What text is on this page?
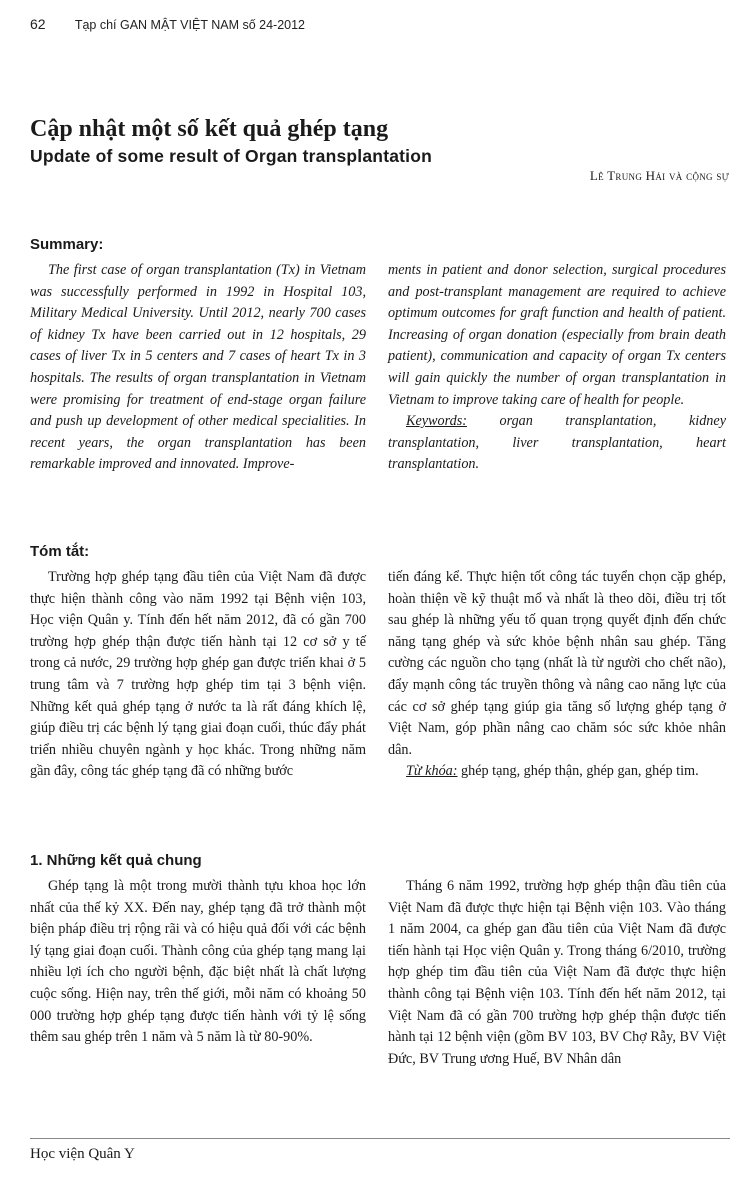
62 Tạp chí GAN MẬT VIỆT NAM số 24-2012
Cập nhật một số kết quả ghép tạng
Update of some result of Organ transplantation
Lê Trung Hải và cộng sự
Summary:

The first case of organ transplantation (Tx) in Vietnam was successfully performed in 1992 in Hospital 103, Military Medical University. Until 2012, nearly 700 cases of kidney Tx have been carried out in 12 hospitals, 29 cases of liver Tx in 5 centers and 7 cases of heart Tx in 3 hospitals. The results of organ transplantation in Vietnam were promising for treatment of end-stage organ failure and push up development of other medical specialities. In recent years, the organ transplantation has been remarkable improved and innovated. Improve-

ments in patient and donor selection, surgical procedures and post-transplant management are required to achieve optimum outcomes for graft function and health of patient. Increasing of organ donation (especially from brain death patient), communication and capacity of organ Tx centers will gain quickly the number of organ transplantation in Vietnam to improve taking care of health for people.

Keywords: organ transplantation, kidney transplantation, liver transplantation, heart transplantation.

Tóm tắt:

Trường hợp ghép tạng đầu tiên của Việt Nam đã được thực hiện thành công vào năm 1992 tại Bệnh viện 103, Học viện Quân y. Tính đến hết năm 2012, đã có gần 700 trường hợp ghép thận được tiến hành tại 12 cơ sở y tế trong cả nước, 29 trường hợp ghép gan được triển khai ở 5 trung tâm và 7 trường hợp ghép tim tại 3 bệnh viện. Những kết quả ghép tạng ở nước ta là rất đáng khích lệ, giúp điều trị các bệnh lý tạng giai đoạn cuối, thúc đẩy phát triển nhiều chuyên ngành y học khác. Trong những năm gần đây, công tác ghép tạng đã có những bước

tiến đáng kể. Thực hiện tốt công tác tuyển chọn cặp ghép, hoàn thiện về kỹ thuật mổ và nhất là theo dõi, điều trị tốt sau ghép là những yếu tố quan trọng quyết định đến chức năng tạng ghép và sức khỏe bệnh nhân sau ghép. Tăng cường các nguồn cho tạng (nhất là từ người cho chết não), đẩy mạnh công tác truyền thông và nâng cao năng lực của các cơ sở ghép tạng giúp gia tăng số lượng ghép tạng ở Việt Nam, góp phần nâng cao chăm sóc sức khỏe nhân dân.

Từ khóa: ghép tạng, ghép thận, ghép gan, ghép tim.

1. Những kết quả chung

Ghép tạng là một trong mười thành tựu khoa học lớn nhất của thế kỷ XX. Đến nay, ghép tạng đã trở thành một biện pháp điều trị rộng rãi và có hiệu quả đối với các bệnh lý tạng giai đoạn cuối. Thành công của ghép tạng mang lại nhiều lợi ích cho người bệnh, đặc biệt nhất là chất lượng cuộc sống. Hiện nay, trên thế giới, mỗi năm có khoảng 50 000 trường hợp ghép tạng được tiến hành với tỷ lệ sống thêm sau ghép trên 1 năm và 5 năm là từ 80-90%.

Tháng 6 năm 1992, trường hợp ghép thận đầu tiên của Việt Nam đã được thực hiện tại Bệnh viện 103. Vào tháng 1 năm 2004, ca ghép gan đầu tiên của Việt Nam đã được tiến hành tại Học viện Quân y. Trong tháng 6/2010, trường hợp ghép tim đầu tiên của Việt Nam đã được thực hiện thành công tại Bệnh viện 103. Tính đến hết năm 2012, tại Việt Nam đã có gần 700 trường hợp ghép thận được tiến hành tại 12 bệnh viện (gồm BV 103, BV Chợ Rẫy, BV Việt Đức, BV Trung ương Huế, BV Nhân dân

Học viện Quân Y
